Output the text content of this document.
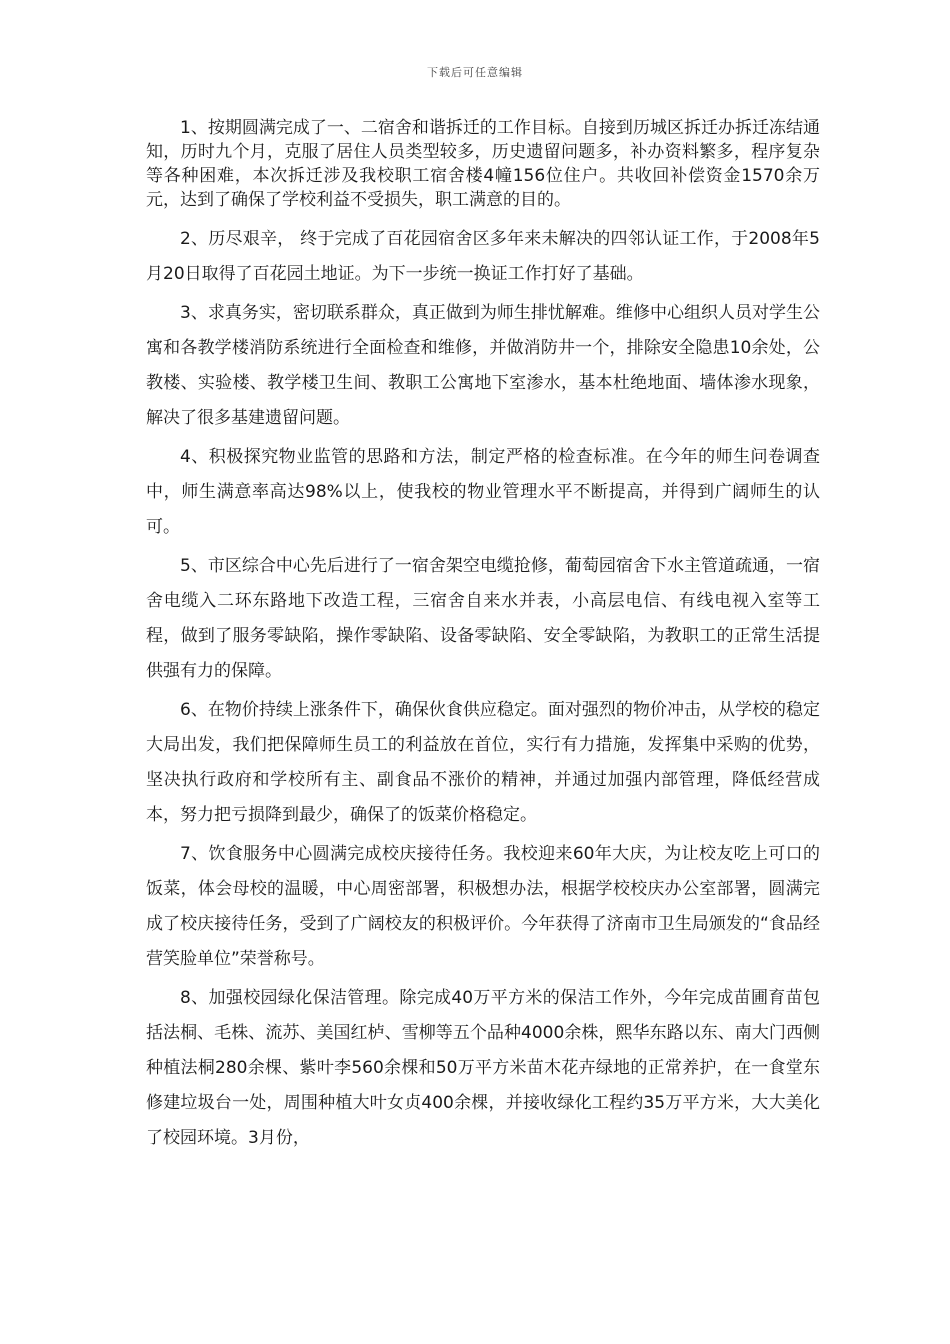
下载后可任意编辑

1、按期圆满完成了一、二宿舍和谐拆迁的工作目标。自接到历城区拆迁办拆迁冻结通知，历时九个月，克服了居住人员类型较多，历史遗留问题多，补办资料繁多，程序复杂等各种困难，本次拆迁涉及我校职工宿舍楼4幢156位住户。共收回补偿资金1570余万元，达到了确保了学校利益不受损失，职工满意的目的。

2、历尽艰辛， 终于完成了百花园宿舍区多年来未解决的四邻认证工作，于2008年5月20日取得了百花园土地证。为下一步统一换证工作打好了基础。

3、求真务实，密切联系群众，真正做到为师生排忧解难。维修中心组织人员对学生公寓和各教学楼消防系统进行全面检查和维修，并做消防井一个，排除安全隐患10余处，公教楼、实验楼、教学楼卫生间、教职工公寓地下室渗水，基本杜绝地面、墙体渗水现象，解决了很多基建遗留问题。

4、积极探究物业监管的思路和方法，制定严格的检查标准。在今年的师生问卷调查中，师生满意率高达98%以上，使我校的物业管理水平不断提高，并得到广阔师生的认可。

5、市区综合中心先后进行了一宿舍架空电缆抢修，葡萄园宿舍下水主管道疏通，一宿舍电缆入二环东路地下改造工程，三宿舍自来水并表，小高层电信、有线电视入室等工程，做到了服务零缺陷，操作零缺陷、设备零缺陷、安全零缺陷，为教职工的正常生活提供强有力的保障。

6、在物价持续上涨条件下，确保伙食供应稳定。面对强烈的物价冲击，从学校的稳定大局出发，我们把保障师生员工的利益放在首位，实行有力措施，发挥集中采购的优势，坚决执行政府和学校所有主、副食品不涨价的精神，并通过加强内部管理，降低经营成本，努力把亏损降到最少，确保了的饭菜价格稳定。

7、饮食服务中心圆满完成校庆接待任务。我校迎来60年大庆，为让校友吃上可口的饭菜，体会母校的温暖，中心周密部署，积极想办法，根据学校校庆办公室部署，圆满完成了校庆接待任务，受到了广阔校友的积极评价。今年获得了济南市卫生局颁发的“食品经营笑脸单位”荣誉称号。

8、加强校园绿化保洁管理。除完成40万平方米的保洁工作外，今年完成苗圃育苗包括法桐、毛株、流苏、美国红栌、雪柳等五个品种4000余株，熙华东路以东、南大门西侧种植法桐280余棵、紫叶李560余棵和50万平方米苗木花卉绿地的正常养护，在一食堂东修建垃圾台一处，周围种植大叶女贞400余棵，并接收绿化工程约35万平方米，大大美化了校园环境。3月份，
